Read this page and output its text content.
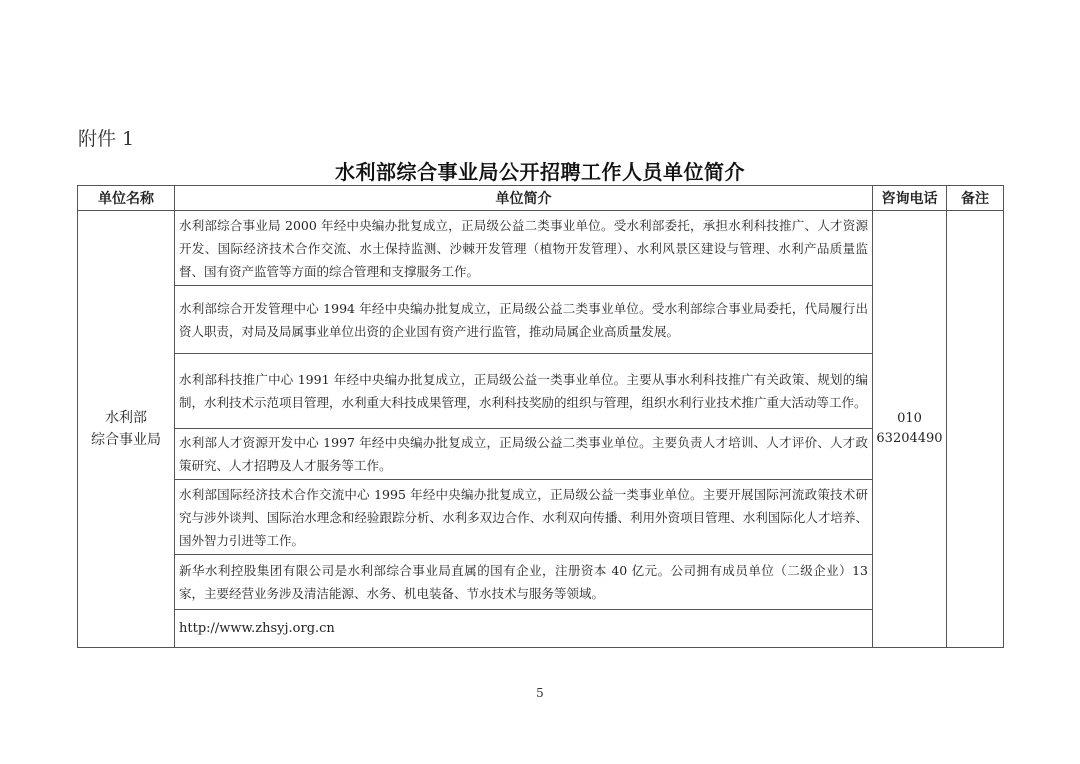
附件 1
水利部综合事业局公开招聘工作人员单位简介
单位名称	单位简介	咨询电话	备注
水利部
综合事业局	水利部综合事业局 2000 年经中央编办批复成立，正局级公益二类事业单位。受水利部委托，承担水利科技推广、人才资源开发、国际经济技术合作交流、水土保持监测、沙棘开发管理（植物开发管理）、水利风景区建设与管理、水利产品质量监督、国有资产监管等方面的综合管理和支撑服务工作。	010
63204490	
	水利部综合开发管理中心 1994 年经中央编办批复成立，正局级公益二类事业单位。受水利部综合事业局委托，代局履行出资人职责，对局及局属事业单位出资的企业国有资产进行监管，推动局属企业高质量发展。		
	水利部科技推广中心 1991 年经中央编办批复成立，正局级公益一类事业单位。主要从事水利科技推广有关政策、规划的编制，水利技术示范项目管理，水利重大科技成果管理，水利科技奖励的组织与管理，组织水利行业技术推广重大活动等工作。		
	水利部人才资源开发中心 1997 年经中央编办批复成立，正局级公益二类事业单位。主要负责人才培训、人才评价、人才政策研究、人才招聘及人才服务等工作。		
	水利部国际经济技术合作交流中心 1995 年经中央编办批复成立，正局级公益一类事业单位。主要开展国际河流政策技术研究与涉外谈判、国际治水理念和经验跟踪分析、水利多双边合作、水利双向传播、利用外资项目管理、水利国际化人才培养、国外智力引进等工作。		
	新华水利控股集团有限公司是水利部综合事业局直属的国有企业，注册资本 40 亿元。公司拥有成员单位（二级企业）13 家，主要经营业务涉及清洁能源、水务、机电装备、节水技术与服务等领域。		
	http://www.zhsyj.org.cn		
5
